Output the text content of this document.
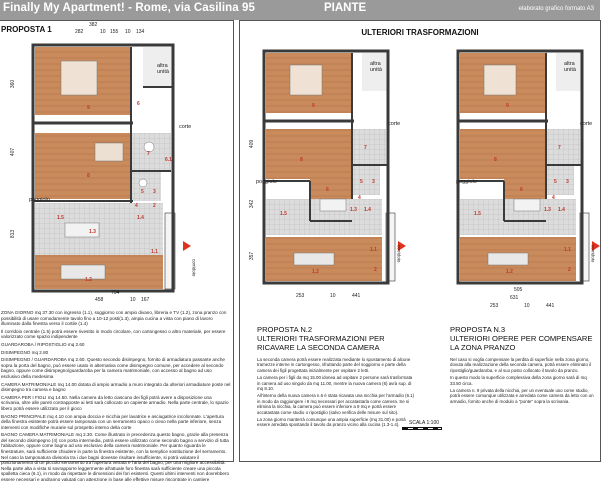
Finally My Apartment! - Rome, via Casilina 95	PIANTE	elaborato grafico formato A3
PROPOSTA 1	382
282	10 155 10 134
360
407
813
9
8
1.5
1.3
1.2
1.4
1.1
7
5 3
6
6.1
4	2
altra unità
corte
poggiolo
corridoio
704
458	10 167

ZONA GIORNO mq 37.30 con ingresso (1.1), soggiorno con ampio divano, libreria e TV (1.2), zona pranzo con possibilità di usare comodamente tavolo fino a 10-12 posti(1.3), ampia cucina a vista con piano di lavoro illuminato dalla finestra verso il cortile (1.4)

Il corridoio centrale (1.5) potrà essere rivestito in modo circolare, con cartongesso o altro materiale, per essere valorizzato come spazio indipendente

GUARDAROBA / RIPOSTIGLIO mq 2.60

DISIMPEGNO mq 2.80

DISIMPEGNO / GUARDAROBA mq 2.60. Questo secondo disimpegno, fornito di armadiatura passante anche sopra la porta del bagno, può essere usato in alternativa come disimpegno comune, per accedere al secondo bagno, oppure come disimpegno/guardaroba per la camera matrimoniale, con accesso al bagno ad uso esclusivo della medesima

CAMERA MATRIMONIALE mq 14.00 dotata di ampio armadio a muro integrato da ulteriori armadiature poste nel disimpegno tra camera e bagno

CAMERA PER I FIGLI mq 14.50. Nella camera da letto ciascuno dei figli potrà avere a disposizione una scrivania, oltre alle pareti contrapposte ai letti sarà collocato un capiente armadio. Nella parte centrale, lo spazio libero potrà essere utilizzato per il gioco

BAGNO PRINCIPALE mq 4.10 con ampia doccia e nicchia per lavatrice e asciugatrice incolonnate. L'apertura della finestra esistente potrà essere tamponata con un serramento opaco o ciexo nella parte inferiore, senza interventi con modifiche murarie sul prospetto interno della corte

BAGNO CAMERA MATRIMONIALE mq 2.30. Come illustrato in precedenza questo bagno, grazie alla presenza del secondo disimpegno (4) con porta intermedia, potrà essere utilizzato come secondo bagno a servizio di tutta l'abitazione, oppure come bagno ad uso esclusivo della camera matrimoniale. Per quanto riguarda le finestrature, sarà sufficiente chiudere in parte la finestra esistente, con la semplice sostituzione del serramento. Nel caso la tamponatura divisoria tra i due bagni dovesse risultare insufficiente, si potrà valutare il posizionamento di un piccolo serramento tra l'apertura vetrata e l'aria del bagno, per una migliore accessibilità. Nella parte alta a vista si sovrapporre leggermente all'attuale foro finestra sarà sufficiente creare una piccola spalletta cieca (6.1), in modo da rispettare le dimensioni dei fori esistenti. Questi ultimi interventi non dovrebbero essere necessari e andranno valutati con attenzione in base alle effettive misure riscontrate in cantiere

ULTERIORI TRASFORMAZIONI
409
342
357
9
8
6
1.5
1.3 1.4
1.2
1.1
7
5 3
4
2
altra unità
corte
poggiolo
corridoio
253	10	441
9
8
6
1.5
1.3 1.4
1.2
1.1
7
5 3
4
2
altra unità
corte
poggiolo
corridoio
505
631
253	10	441
PROPOSTA N.2
ULTERIORI TRASFORMAZIONI PER
RICAVARE LA SECONDA CAMERA

La seconda camera potrà essere realizzata mediante lo spostamento di alcune tramezze interne in cartongesso, sfruttando parte del soggiorno e parte della camera dei figli progettata inizialmente per ospitare 2 letti.

La camera per i figli da mq 15.00 idonea ad ospitare 2 persone sarà trasformata in camera ad uso singolo da mq 11.00, mentre la nuova camera (6) avrà sup. di mq 8.10.

All'interno della nuova camera n.6 è stata ricavata una nicchia per l'armadio (6.1) in modo da raggiungere i 9 mq necessari per accatastarla come camera. Se si elimina la nicchia, la camera può essere inferiore a 9 mq e potrà essere accatastata come studio o ripostiglio (salvo verifica delle misure sul sito).

La zona giorno manterrà comunque una ampia superficie (mq 31.00) e potrà essere arredata spostando il tavolo da pranzo vicino alla cucina (1.3-1.4).

PROPOSTA N.3
ULTERIORI OPERE PER COMPENSARE
LA ZONA PRANZO

Nel caso si voglia compensare la perdita di superficie nella zona giorno, dovuta alla realizzazione della seconda camera, potrà essere eliminato il ripostiglio/guardaroba, e al suo posto collocato il tavolo da pranzo.

In questo modo la superficie complessiva della zona giorno sarà di mq 33.50 circa.

La camera n. 9 privata della nicchia, per un eventuale uso come studio, potrà essere comunque utilizzata e arredata come camera da letto con un armadio, fornito anche di modulo a "ponte" sopra la scrivania.

SCALA 1:100
